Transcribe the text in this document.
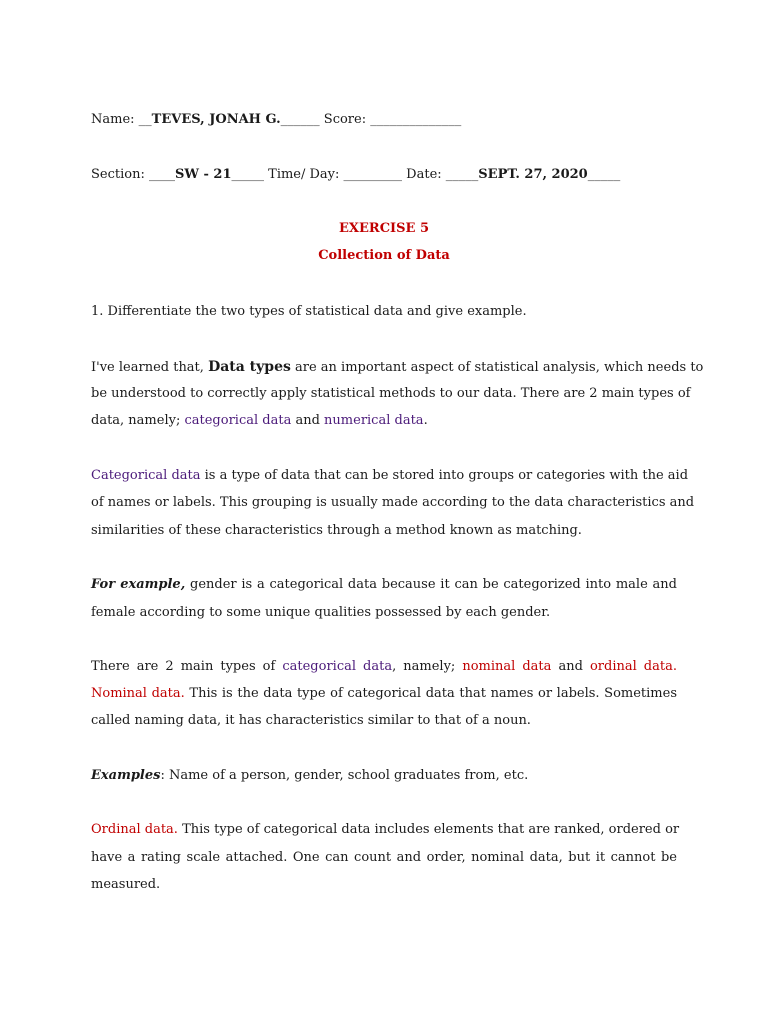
Name: __TEVES, JONAH G.______ Score: ______________
Section: ____SW - 21_____ Time/ Day: _________ Date: _____SEPT. 27, 2020_____
EXERCISE 5
Collection of Data
1. Differentiate the two types of statistical data and give example.
I've learned that, Data types are an important aspect of statistical analysis, which needs to
be understood to correctly apply statistical methods to our data. There are 2 main types of
data, namely; categorical data and numerical data.
Categorical data is a type of data that can be stored into groups or categories with the aid
of names or labels. This grouping is usually made according to the data characteristics and
similarities of these characteristics through a method known as matching.
For example, gender is a categorical data because it can be categorized into male and
female according to some unique qualities possessed by each gender.
There are 2 main types of categorical data, namely; nominal data and ordinal data.
Nominal data. This is the data type of categorical data that names or labels. Sometimes
called naming data, it has characteristics similar to that of a noun.
Examples: Name of a person, gender, school graduates from, etc.
Ordinal data. This type of categorical data includes elements that are ranked, ordered or
have a rating scale attached. One can count and order, nominal data, but it cannot be
measured.
